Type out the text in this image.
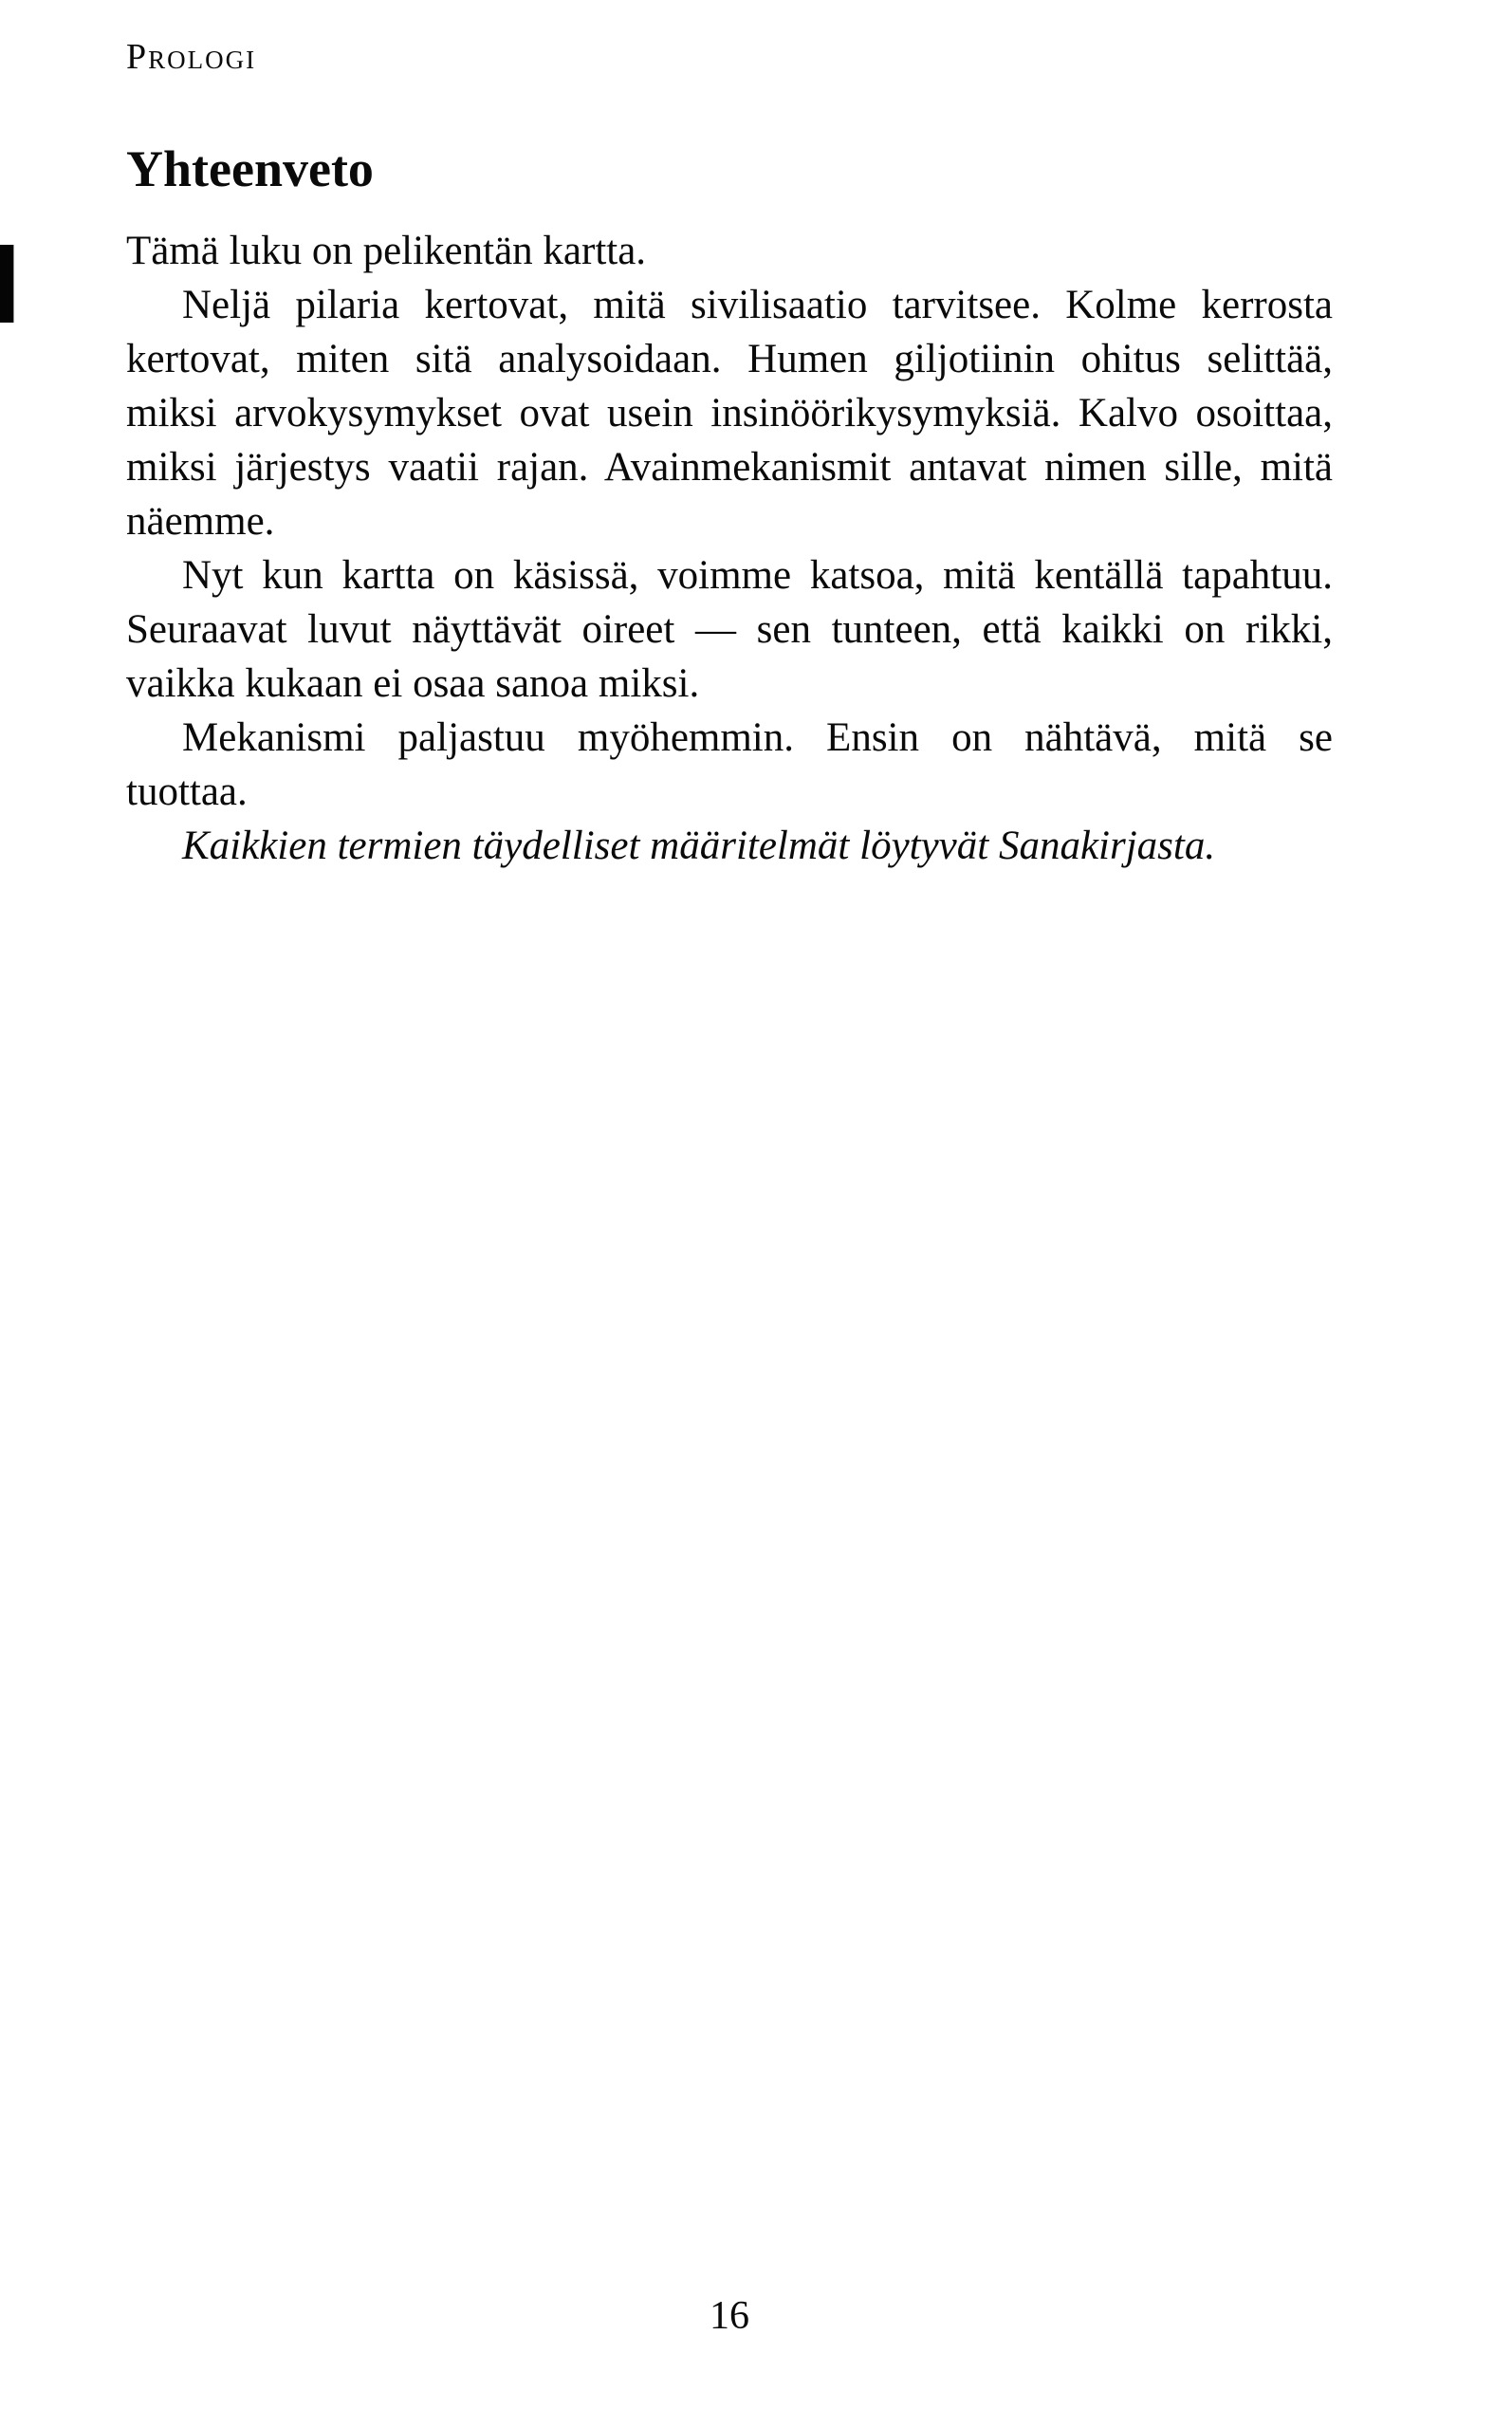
Prologi
Yhteenveto
Tämä luku on pelikentän kartta.
Neljä pilaria kertovat, mitä sivilisaatio tarvitsee. Kolme kerrosta
kertovat, miten sitä analysoidaan. Humen giljotiinin ohitus selittää,
miksi arvokysymykset ovat usein insinöörikysymyksiä. Kalvo osoittaa,
miksi järjestys vaatii rajan. Avainmekanismit antavat nimen sille, mitä
näemme.
Nyt kun kartta on käsissä, voimme katsoa, mitä kentällä tapahtuu.
Seuraavat luvut näyttävät oireet — sen tunteen, että kaikki on rikki,
vaikka kukaan ei osaa sanoa miksi.
Mekanismi paljastuu myöhemmin. Ensin on nähtävä, mitä se
tuottaa.
Kaikkien termien täydelliset määritelmät löytyvät Sanakirjasta.
16
